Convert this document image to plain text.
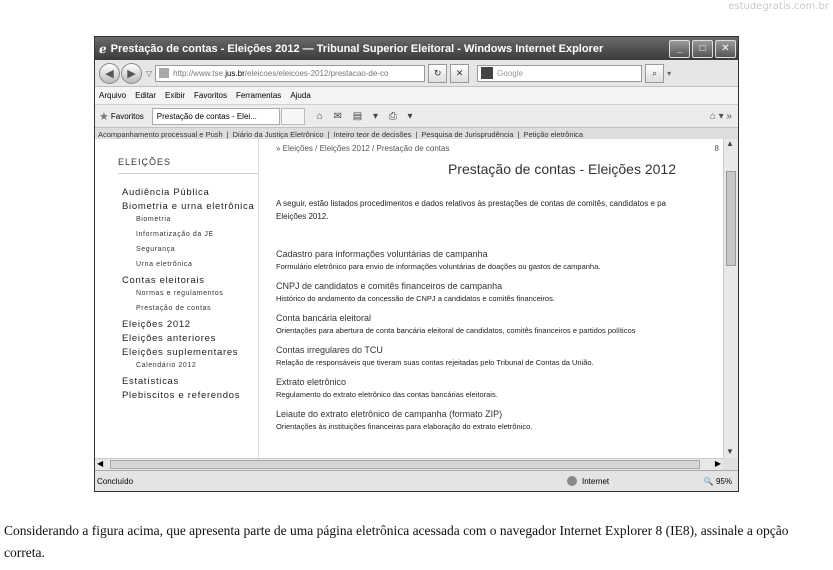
estudegratis.com.br
ℯ Prestação de contas - Eleições 2012 — Tribunal Superior Eleitoral - Windows Internet Explorer	_	□	✕
◀	▶	▽	http://www.tse. jus.br /eleicoes/eleicoes-2012/prestacao-de-co	↻	✕	Google	⌕	▾
Arquivo Editar Exibir Favoritos Ferramentas Ajuda
★ Favoritos Prestação de contas - Elei...	⌂ ✉ ▤ ▾ ⎙ ▾	⌂ ▾ »
Acompanhamento processual e Push | Diário da Justiça Eletrônico | Inteiro teor de decisões | Pesquisa de Jurisprudência | Petição eletrônica
ELEIÇÕES
Audiência Pública
Biometria e urna eletrônica
Biometria
Informatização da JE
Segurança
Urna eletrônica
Contas eleitorais
Normas e regulamentos
Prestação de contas
Eleições 2012
Eleições anteriores
Eleições suplementares
Calendário 2012
Estatísticas
Plebiscitos e referendos
» Eleições / Eleições 2012 / Prestação de contas	8
Prestação de contas - Eleições 2012
A seguir, estão listados procedimentos e dados relativos às prestações de contas de comitês, candidatos e pa
Eleições 2012.
Cadastro para informações voluntárias de campanha
Formulário eletrônico para envio de informações voluntárias de doações ou gastos de campanha.
CNPJ de candidatos e comitês financeiros de campanha
Histórico do andamento da concessão de CNPJ a candidatos e comitês financeiros.
Conta bancária eleitoral
Orientações para abertura de conta bancária eleitoral de candidatos, comitês financeiros e partidos políticos
Contas irregulares do TCU
Relação de responsáveis que tiveram suas contas rejeitadas pelo Tribunal de Contas da União.
Extrato eletrônico
Regulamento do extrato eletrônico das contas bancárias eleitorais.
Leiaute do extrato eletrônico de campanha (formato ZIP)
Orientações às instituições financeiras para elaboração do extrato eletrônico.
▲
▼
◀	▶
Concluído	Internet	🔍 95%
Considerando a figura acima, que apresenta parte de uma página eletrônica acessada com o navegador Internet Explorer 8 (IE8), assinale a opção correta.
